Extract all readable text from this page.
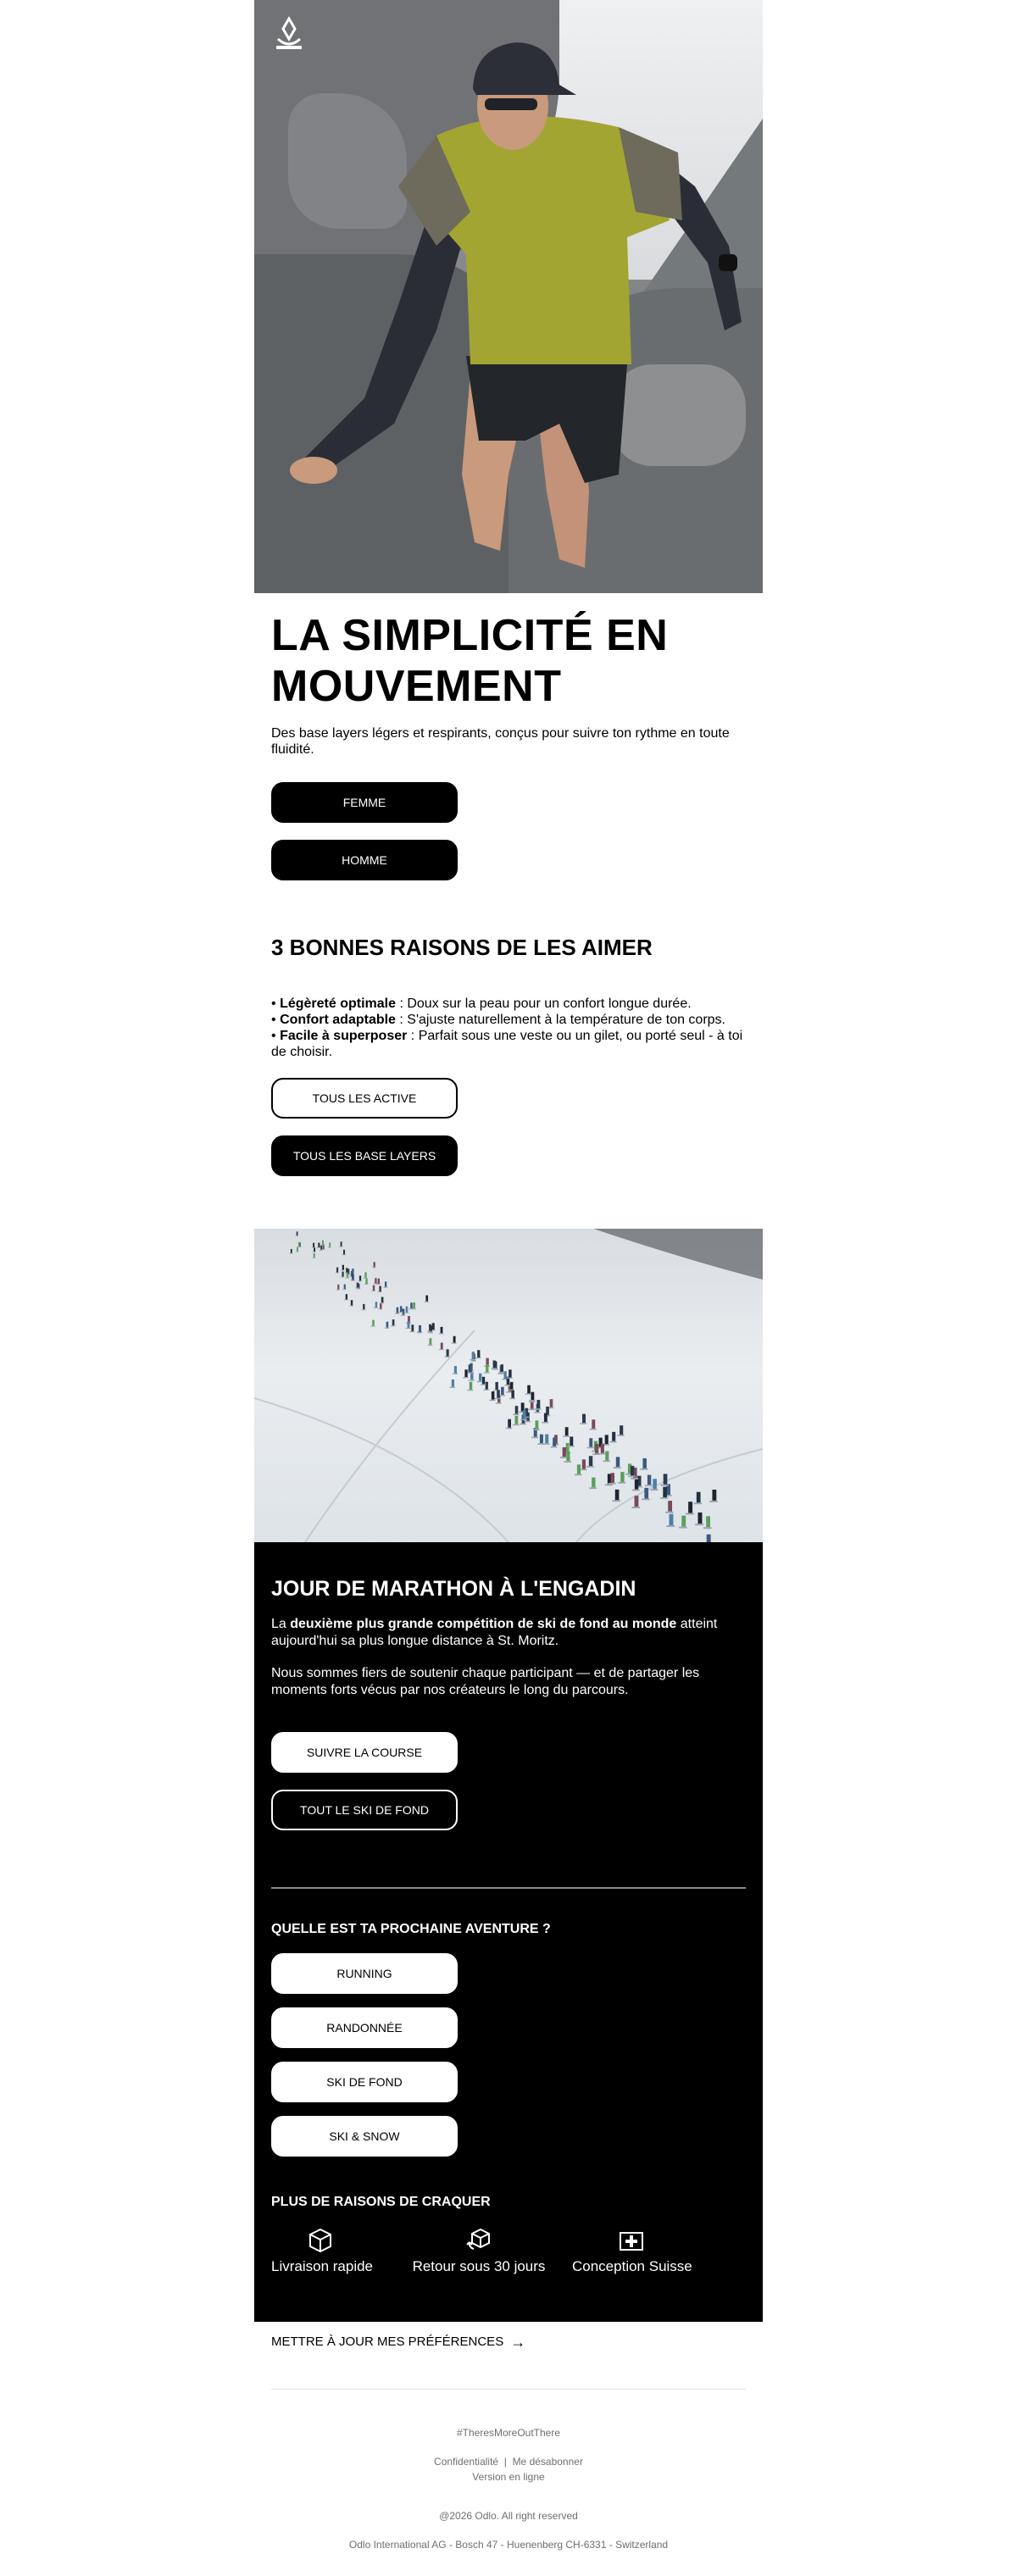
LA SIMPLICITÉ EN
MOUVEMENT

Des base layers légers et respirants, conçus pour suivre ton rythme en toute fluidité.

FEMME
HOMME
3 BONNES RAISONS DE LES AIMER
• Légèreté optimale : Doux sur la peau pour un confort longue durée.
• Confort adaptable : S'ajuste naturellement à la température de ton corps.
• Facile à superposer : Parfait sous une veste ou un gilet, ou porté seul - à toi de choisir.
TOUS LES ACTIVE
TOUS LES BASE LAYERS
JOUR DE MARATHON À L'ENGADIN

La deuxième plus grande compétition de ski de fond au monde atteint aujourd'hui sa plus longue distance à St. Moritz.

Nous sommes fiers de soutenir chaque participant — et de partager les moments forts vécus par nos créateurs le long du parcours.

SUIVRE LA COURSE
TOUT LE SKI DE FOND
QUELLE EST TA PROCHAINE AVENTURE ?
RUNNING
RANDONNÉE
SKI DE FOND
SKI & SNOW
PLUS DE RAISONS DE CRAQUER
Livraison rapide	Retour sous 30 jours Conception Suisse
METTRE À JOUR MES PRÉFÉRENCES →
#TheresMoreOutThere
Confidentialité | Me désabonner
Version en ligne
@2026 Odlo. All right reserved
Odlo International AG - Bosch 47 - Huenenberg CH-6331 - Switzerland
